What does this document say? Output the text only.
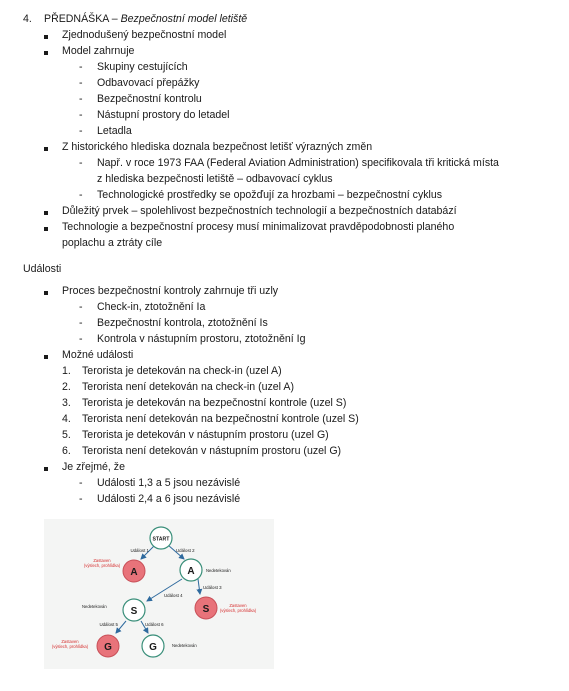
4. PŘEDNÁŠKA – Bezpečnostní model letiště
Zjednodušený bezpečnostní model
Model zahrnuje
- Skupiny cestujících
- Odbavovací přepážky
- Bezpečnostní kontrolu
- Nástupní prostory do letadel
- Letadla
Z historického hlediska doznala bezpečnost letišť výrazných změn
- Např. v roce 1973 FAA (Federal Aviation Administration) specifikovala tři kritická místa
z hlediska bezpečnosti letiště – odbavovací cyklus
- Technologické prostředky se opožďují za hrozbami – bezpečnostní cyklus
Důležitý prvek – spolehlivost bezpečnostních technologií a bezpečnostních databází
Technologie a bezpečnostní procesy musí minimalizovat pravděpodobnosti planého
poplachu a ztráty cíle
Události
Proces bezpečnostní kontroly zahrnuje tři uzly
- Check-in, ztotožnění Ia
- Bezpečnostní kontrola, ztotožnění Is
- Kontrola v nástupním prostoru, ztotožnění Ig
Možné události
1. Terorista je detekován na check-in (uzel A)
2. Terorista není detekován na check-in (uzel A)
3. Terorista je detekován na bezpečnostní kontrole (uzel S)
4. Terorista není detekován na bezpečnostní kontrole (uzel S)
5. Terorista je detekován v nástupním prostoru (uzel G)
6. Terorista není detekován v nástupním prostoru (uzel G)
Je zřejmé, že
- Události 1,3 a 5 jsou nezávislé
- Události 2,4 a 6 jsou nezávislé
START
A	A
S	S
G	G
Událost 1	Událost 2
Událost 3
Událost 4
Událost 5	Událost 6
Zastaven
(výslech, prohlídka)
Zastaven
(výslech, prohlídka)
Zastaven
(výslech, prohlídka)
Nedetekován
Nedetekován
Nedetekován
